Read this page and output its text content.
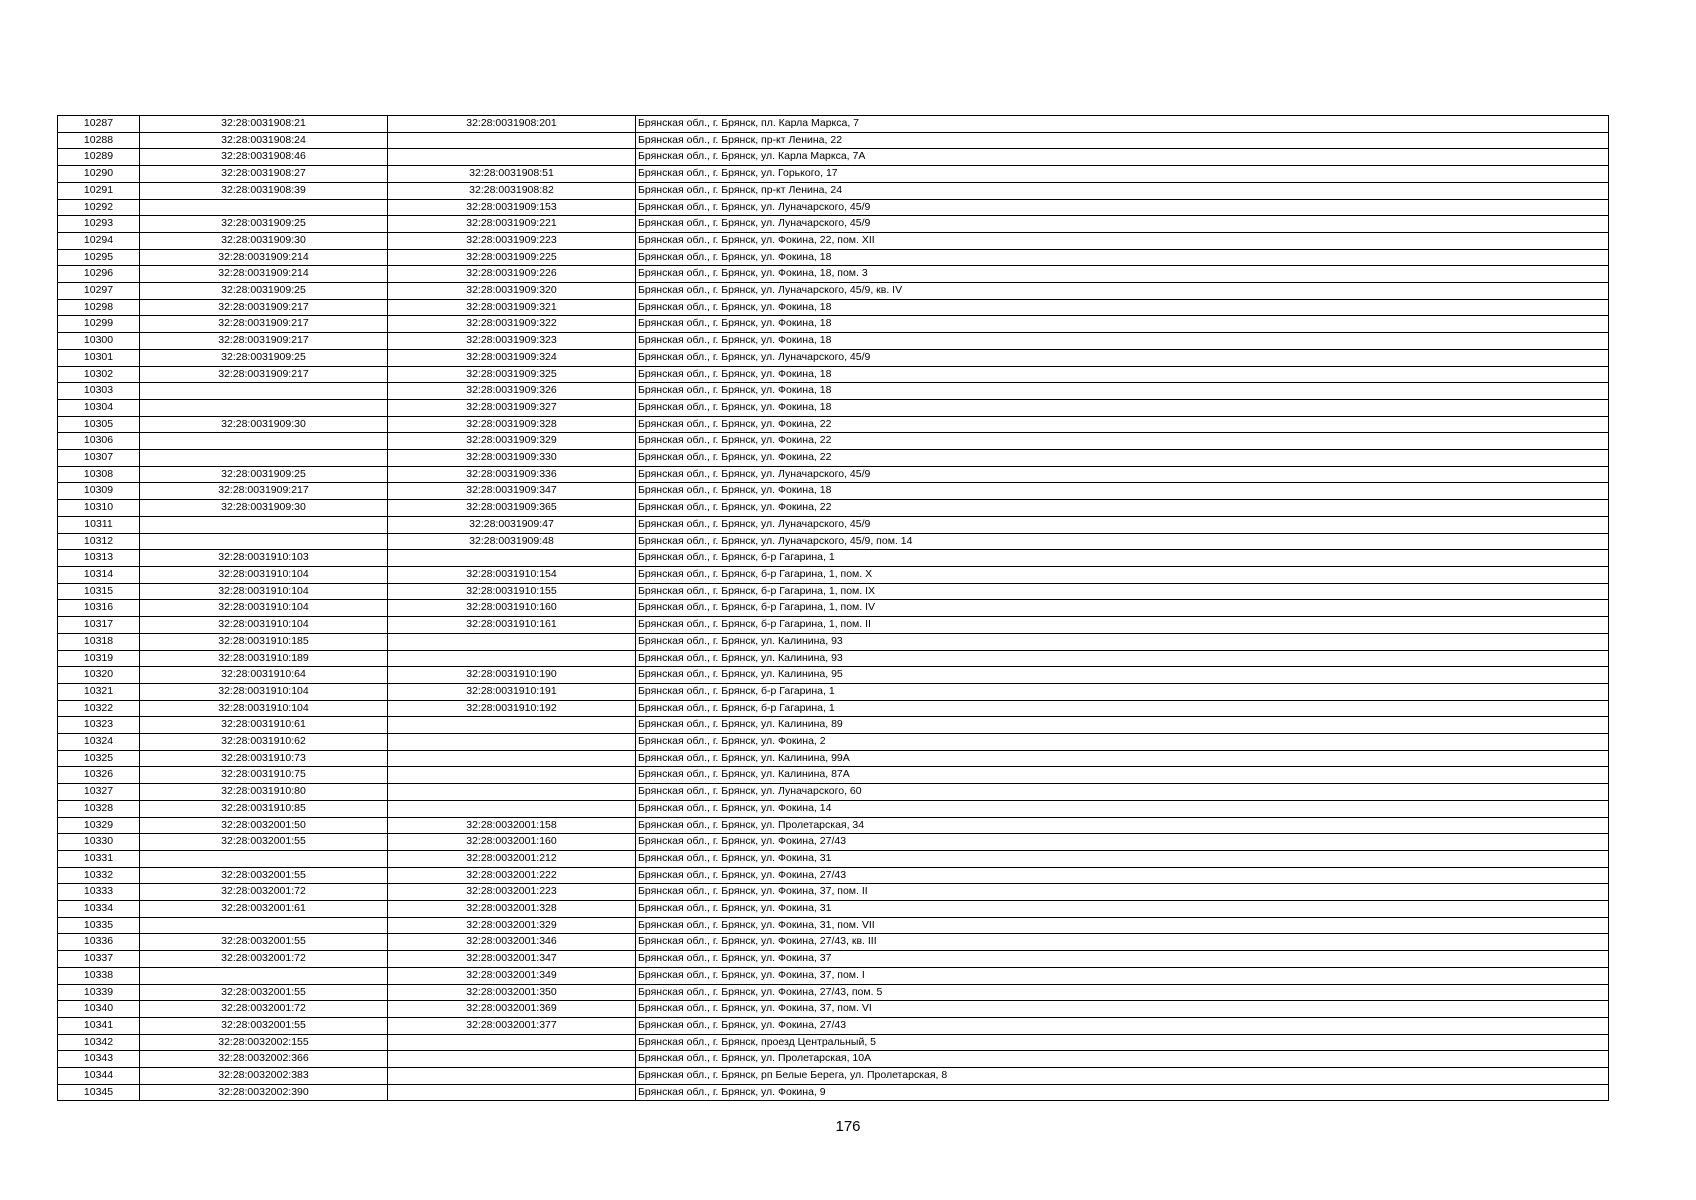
10287	32:28:0031908:21	32:28:0031908:201	Брянская обл., г. Брянск, пл. Карла Маркса, 7
10288	32:28:0031908:24		Брянская обл., г. Брянск, пр-кт Ленина, 22
10289	32:28:0031908:46		Брянская обл., г. Брянск, ул. Карла Маркса, 7А
10290	32:28:0031908:27	32:28:0031908:51	Брянская обл., г. Брянск, ул. Горького, 17
10291	32:28:0031908:39	32:28:0031908:82	Брянская обл., г. Брянск, пр-кт Ленина, 24
10292		32:28:0031909:153	Брянская обл., г. Брянск, ул. Луначарского, 45/9
10293	32:28:0031909:25	32:28:0031909:221	Брянская обл., г. Брянск, ул. Луначарского, 45/9
10294	32:28:0031909:30	32:28:0031909:223	Брянская обл., г. Брянск, ул. Фокина, 22, пом. XII
10295	32:28:0031909:214	32:28:0031909:225	Брянская обл., г. Брянск, ул. Фокина, 18
10296	32:28:0031909:214	32:28:0031909:226	Брянская обл., г. Брянск, ул. Фокина, 18, пом. 3
10297	32:28:0031909:25	32:28:0031909:320	Брянская обл., г. Брянск, ул. Луначарского, 45/9, кв. IV
10298	32:28:0031909:217	32:28:0031909:321	Брянская обл., г. Брянск, ул. Фокина, 18
10299	32:28:0031909:217	32:28:0031909:322	Брянская обл., г. Брянск, ул. Фокина, 18
10300	32:28:0031909:217	32:28:0031909:323	Брянская обл., г. Брянск, ул. Фокина, 18
10301	32:28:0031909:25	32:28:0031909:324	Брянская обл., г. Брянск, ул. Луначарского, 45/9
10302	32:28:0031909:217	32:28:0031909:325	Брянская обл., г. Брянск, ул. Фокина, 18
10303		32:28:0031909:326	Брянская обл., г. Брянск, ул. Фокина, 18
10304		32:28:0031909:327	Брянская обл., г. Брянск, ул. Фокина, 18
10305	32:28:0031909:30	32:28:0031909:328	Брянская обл., г. Брянск, ул. Фокина, 22
10306		32:28:0031909:329	Брянская обл., г. Брянск, ул. Фокина, 22
10307		32:28:0031909:330	Брянская обл., г. Брянск, ул. Фокина, 22
10308	32:28:0031909:25	32:28:0031909:336	Брянская обл., г. Брянск, ул. Луначарского, 45/9
10309	32:28:0031909:217	32:28:0031909:347	Брянская обл., г. Брянск, ул. Фокина, 18
10310	32:28:0031909:30	32:28:0031909:365	Брянская обл., г. Брянск, ул. Фокина, 22
10311		32:28:0031909:47	Брянская обл., г. Брянск, ул. Луначарского, 45/9
10312		32:28:0031909:48	Брянская обл., г. Брянск, ул. Луначарского, 45/9, пом. 14
10313	32:28:0031910:103		Брянская обл., г. Брянск, б-р Гагарина, 1
10314	32:28:0031910:104	32:28:0031910:154	Брянская обл., г. Брянск, б-р Гагарина, 1, пом. X
10315	32:28:0031910:104	32:28:0031910:155	Брянская обл., г. Брянск, б-р Гагарина, 1, пом. IX
10316	32:28:0031910:104	32:28:0031910:160	Брянская обл., г. Брянск, б-р Гагарина, 1, пом. IV
10317	32:28:0031910:104	32:28:0031910:161	Брянская обл., г. Брянск, б-р Гагарина, 1, пом. II
10318	32:28:0031910:185		Брянская обл., г. Брянск, ул. Калинина, 93
10319	32:28:0031910:189		Брянская обл., г. Брянск, ул. Калинина, 93
10320	32:28:0031910:64	32:28:0031910:190	Брянская обл., г. Брянск, ул. Калинина, 95
10321	32:28:0031910:104	32:28:0031910:191	Брянская обл., г. Брянск, б-р Гагарина, 1
10322	32:28:0031910:104	32:28:0031910:192	Брянская обл., г. Брянск, б-р Гагарина, 1
10323	32:28:0031910:61		Брянская обл., г. Брянск, ул. Калинина, 89
10324	32:28:0031910:62		Брянская обл., г. Брянск, ул. Фокина, 2
10325	32:28:0031910:73		Брянская обл., г. Брянск, ул. Калинина, 99А
10326	32:28:0031910:75		Брянская обл., г. Брянск, ул. Калинина, 87А
10327	32:28:0031910:80		Брянская обл., г. Брянск, ул. Луначарского, 60
10328	32:28:0031910:85		Брянская обл., г. Брянск, ул. Фокина, 14
10329	32:28:0032001:50	32:28:0032001:158	Брянская обл., г. Брянск, ул. Пролетарская, 34
10330	32:28:0032001:55	32:28:0032001:160	Брянская обл., г. Брянск, ул. Фокина, 27/43
10331		32:28:0032001:212	Брянская обл., г. Брянск, ул. Фокина, 31
10332	32:28:0032001:55	32:28:0032001:222	Брянская обл., г. Брянск, ул. Фокина, 27/43
10333	32:28:0032001:72	32:28:0032001:223	Брянская обл., г. Брянск, ул. Фокина, 37, пом. II
10334	32:28:0032001:61	32:28:0032001:328	Брянская обл., г. Брянск, ул. Фокина, 31
10335		32:28:0032001:329	Брянская обл., г. Брянск, ул. Фокина, 31, пом. VII
10336	32:28:0032001:55	32:28:0032001:346	Брянская обл., г. Брянск, ул. Фокина, 27/43, кв. III
10337	32:28:0032001:72	32:28:0032001:347	Брянская обл., г. Брянск, ул. Фокина, 37
10338		32:28:0032001:349	Брянская обл., г. Брянск, ул. Фокина, 37, пом. I
10339	32:28:0032001:55	32:28:0032001:350	Брянская обл., г. Брянск, ул. Фокина, 27/43, пом. 5
10340	32:28:0032001:72	32:28:0032001:369	Брянская обл., г. Брянск, ул. Фокина, 37, пом. VI
10341	32:28:0032001:55	32:28:0032001:377	Брянская обл., г. Брянск, ул. Фокина, 27/43
10342	32:28:0032002:155		Брянская обл., г. Брянск, проезд Центральный, 5
10343	32:28:0032002:366		Брянская обл., г. Брянск, ул. Пролетарская, 10А
10344	32:28:0032002:383		Брянская обл., г. Брянск, рп Белые Берега, ул. Пролетарская, 8
10345	32:28:0032002:390		Брянская обл., г. Брянск, ул. Фокина, 9
176
